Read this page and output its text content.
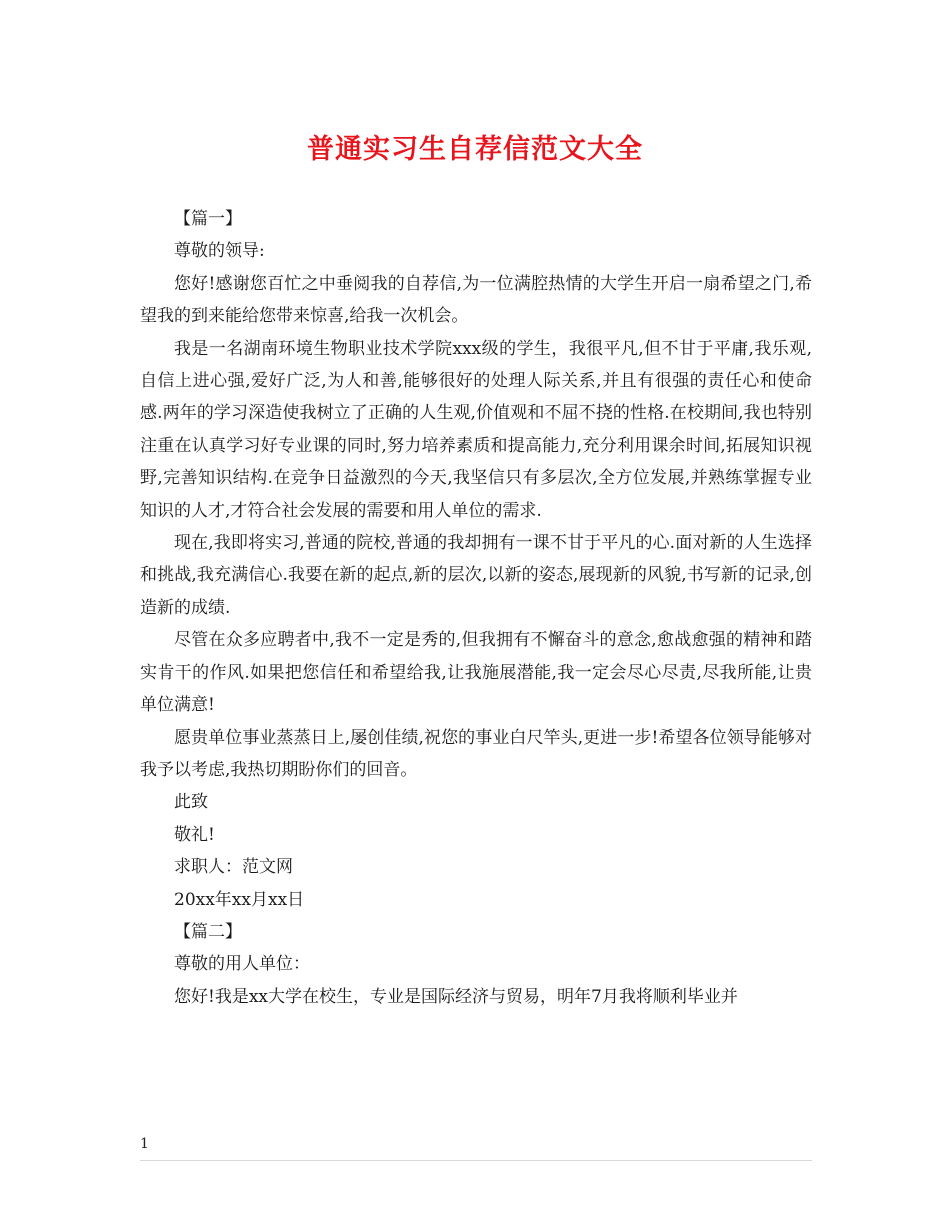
普通实习生自荐信范文大全

【篇一】

尊敬的领导:

您好!感谢您百忙之中垂阅我的自荐信,为一位满腔热情的大学生开启一扇希望之门,希望我的到来能给您带来惊喜,给我一次机会。

我是一名湖南环境生物职业技术学院xxx级的学生，我很平凡,但不甘于平庸,我乐观,自信上进心强,爱好广泛,为人和善,能够很好的处理人际关系,并且有很强的责任心和使命感.两年的学习深造使我树立了正确的人生观,价值观和不屈不挠的性格.在校期间,我也特别注重在认真学习好专业课的同时,努力培养素质和提高能力,充分利用课余时间,拓展知识视野,完善知识结构.在竞争日益激烈的今天,我坚信只有多层次,全方位发展,并熟练掌握专业知识的人才,才符合社会发展的需要和用人单位的需求.

现在,我即将实习,普通的院校,普通的我却拥有一课不甘于平凡的心.面对新的人生选择和挑战,我充满信心.我要在新的起点,新的层次,以新的姿态,展现新的风貌,书写新的记录,创造新的成绩.

尽管在众多应聘者中,我不一定是秀的,但我拥有不懈奋斗的意念,愈战愈强的精神和踏实肯干的作风.如果把您信任和希望给我,让我施展潜能,我一定会尽心尽责,尽我所能,让贵单位满意!

愿贵单位事业蒸蒸日上,屡创佳绩,祝您的事业白尺竿头,更进一步!希望各位领导能够对我予以考虑,我热切期盼你们的回音。

此致

敬礼!

求职人：范文网

20xx年xx月xx日

【篇二】

尊敬的用人单位：

您好!我是xx大学在校生，专业是国际经济与贸易，明年7月我将顺利毕业并

1
